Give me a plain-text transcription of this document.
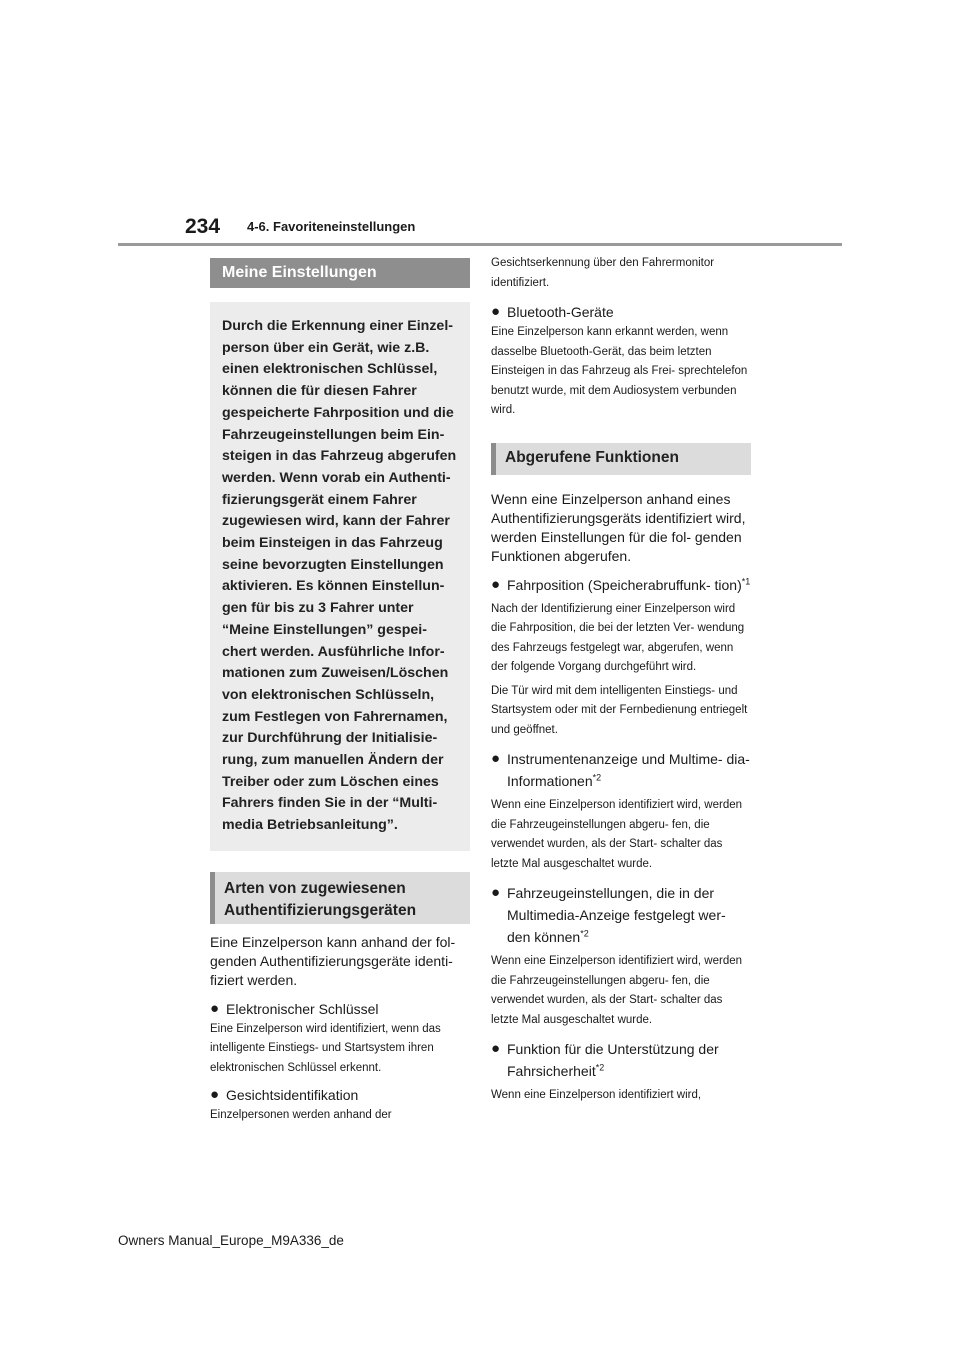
234 4-6. Favoriteneinstellungen
Meine Einstellungen
Durch die Erkennung einer Einzel- person über ein Gerät, wie z.B. einen elektronischen Schlüssel, können die für diesen Fahrer gespeicherte Fahrposition und die Fahrzeugeinstellungen beim Ein- steigen in das Fahrzeug abgerufen werden. Wenn vorab ein Authenti- fizierungsgerät einem Fahrer zugewiesen wird, kann der Fahrer beim Einsteigen in das Fahrzeug seine bevorzugten Einstellungen aktivieren. Es können Einstellun- gen für bis zu 3 Fahrer unter “Meine Einstellungen” gespei- chert werden. Ausführliche Infor- mationen zum Zuweisen/Löschen von elektronischen Schlüsseln, zum Festlegen von Fahrernamen, zur Durchführung der Initialisie- rung, zum manuellen Ändern der Treiber oder zum Löschen eines Fahrers finden Sie in der “Multi- media Betriebsanleitung”.
Arten von zugewiesenen Authentifizierungsgeräten

Eine Einzelperson kann anhand der fol- genden Authentifizierungsgeräte identi- fiziert werden.

● Elektronischer Schlüssel

Eine Einzelperson wird identifiziert, wenn das intelligente Einstiegs- und Startsystem ihren elektronischen Schlüssel erkennt.

● Gesichtsidentifikation

Einzelpersonen werden anhand der

Gesichtserkennung über den Fahrermonitor identifiziert.

● Bluetooth-Geräte

Eine Einzelperson kann erkannt werden, wenn dasselbe Bluetooth-Gerät, das beim letzten Einsteigen in das Fahrzeug als Frei- sprechtelefon benutzt wurde, mit dem Audiosystem verbunden wird.

Abgerufene Funktionen

Wenn eine Einzelperson anhand eines Authentifizierungsgeräts identifiziert wird, werden Einstellungen für die fol- genden Funktionen abgerufen.

● Fahrposition (Speicherabruffunk- tion)$^{*1}$

Nach der Identifizierung einer Einzelperson wird die Fahrposition, die bei der letzten Ver- wendung des Fahrzeugs festgelegt war, abgerufen, wenn der folgende Vorgang durchgeführt wird.

Die Tür wird mit dem intelligenten Einstiegs- und Startsystem oder mit der Fernbedienung entriegelt und geöffnet.

● Instrumentenanzeige und Multime- dia-Informationen$^{*2}$

Wenn eine Einzelperson identifiziert wird, werden die Fahrzeugeinstellungen abgeru- fen, die verwendet wurden, als der Start- schalter das letzte Mal ausgeschaltet wurde.

● Fahrzeugeinstellungen, die in der Multimedia-Anzeige festgelegt wer- den können$^{*2}$

Wenn eine Einzelperson identifiziert wird, werden die Fahrzeugeinstellungen abgeru- fen, die verwendet wurden, als der Start- schalter das letzte Mal ausgeschaltet wurde.

● Funktion für die Unterstützung der Fahrsicherheit$^{*2}$

Wenn eine Einzelperson identifiziert wird,

Owners Manual_Europe_M9A336_de
